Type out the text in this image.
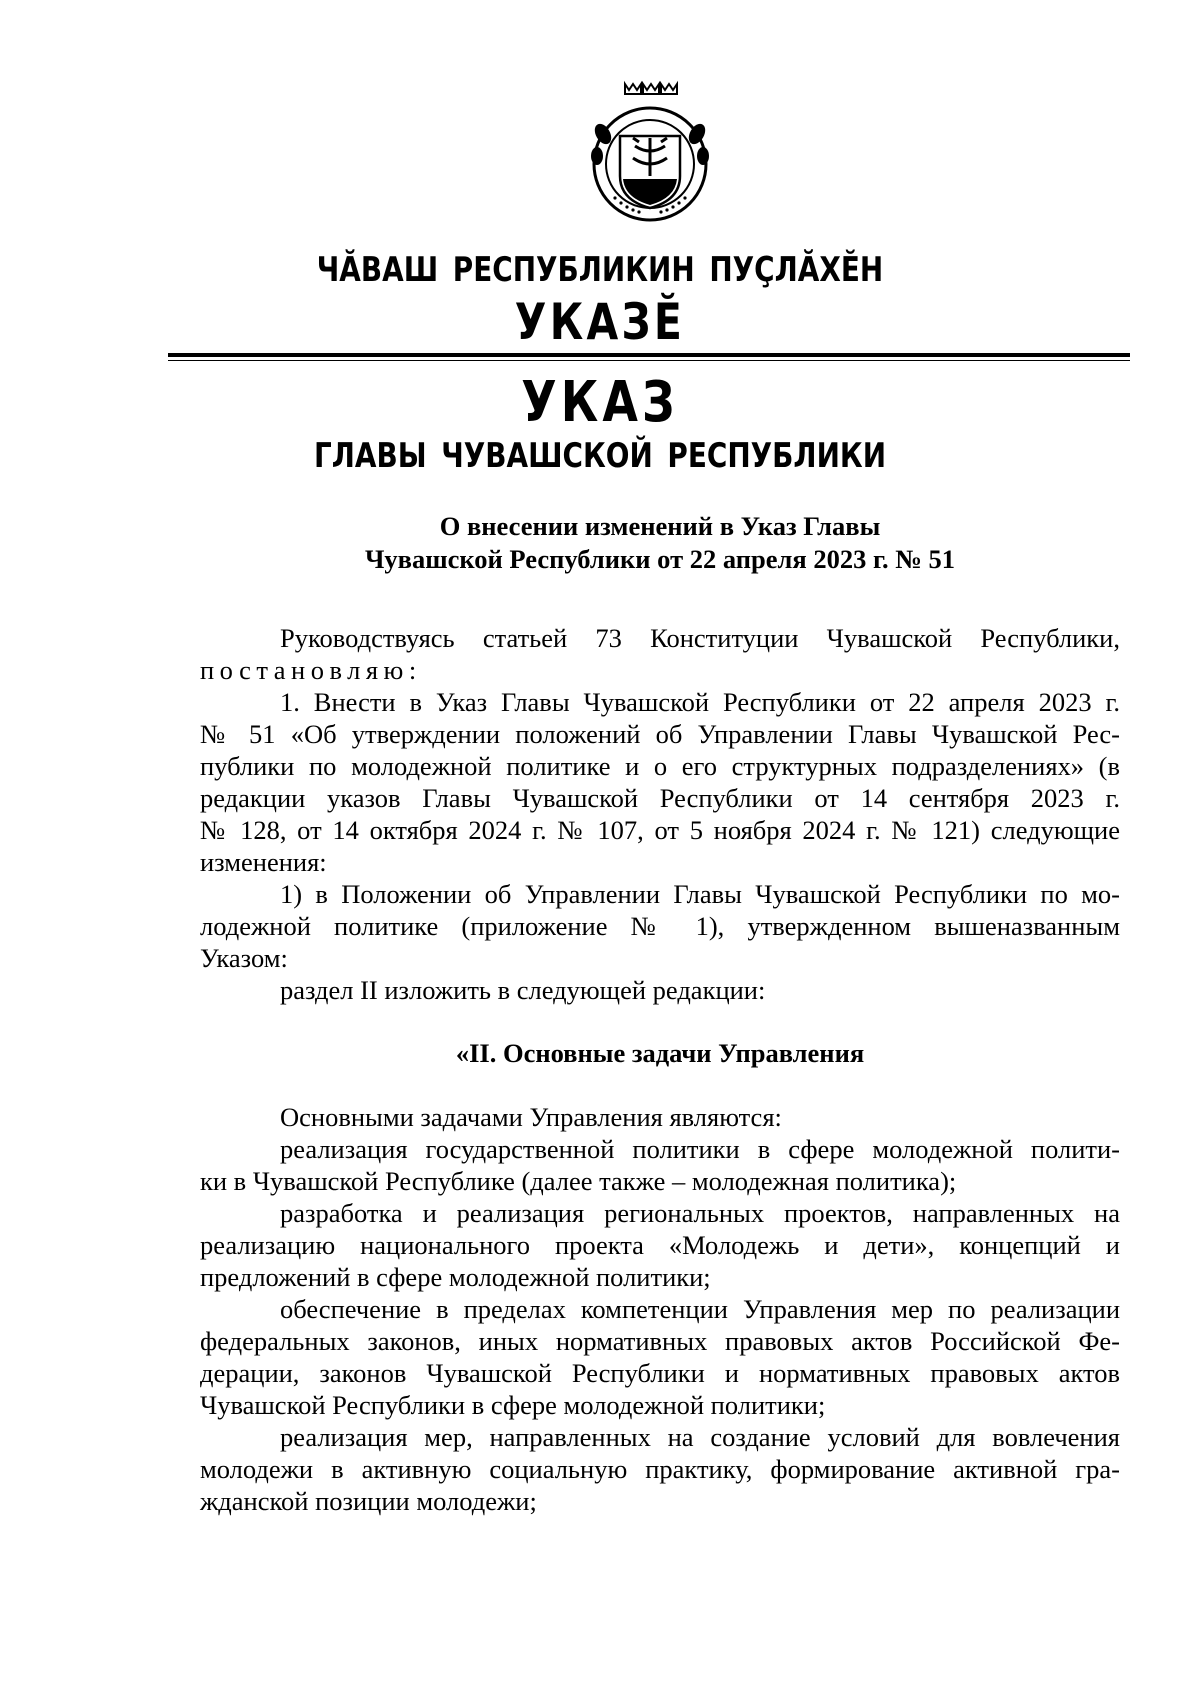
ЧӐВАШ РЕСПУБЛИКИН ПУҪЛӐХӖН
УКАЗӖ
УКАЗ
ГЛАВЫ ЧУВАШСКОЙ РЕСПУБЛИКИ
О внесении изменений в Указ Главы
Чувашской Республики от 22 апреля 2023 г. № 51
Руководствуясь статьей 73 Конституции Чувашской Республики,
постановляю:
1. Внести в Указ Главы Чувашской Республики от 22 апреля 2023 г.
№ 51 «Об утверждении положений об Управлении Главы Чувашской Рес-
публики по молодежной политике и о его структурных подразделениях» (в
редакции указов Главы Чувашской Республики от 14 сентября 2023 г.
№ 128, от 14 октября 2024 г. № 107, от 5 ноября 2024 г. № 121) следующие
изменения:
1) в Положении об Управлении Главы Чувашской Республики по мо-
лодежной политике (приложение № 1), утвержденном вышеназванным
Указом:
раздел II изложить в следующей редакции:
«II. Основные задачи Управления
Основными задачами Управления являются:
реализация государственной политики в сфере молодежной полити-
ки в Чувашской Республике (далее также – молодежная политика);
разработка и реализация региональных проектов, направленных на
реализацию национального проекта «Молодежь и дети», концепций и
предложений в сфере молодежной политики;
обеспечение в пределах компетенции Управления мер по реализации
федеральных законов, иных нормативных правовых актов Российской Фе-
дерации, законов Чувашской Республики и нормативных правовых актов
Чувашской Республики в сфере молодежной политики;
реализация мер, направленных на создание условий для вовлечения
молодежи в активную социальную практику, формирование активной гра-
жданской позиции молодежи;
